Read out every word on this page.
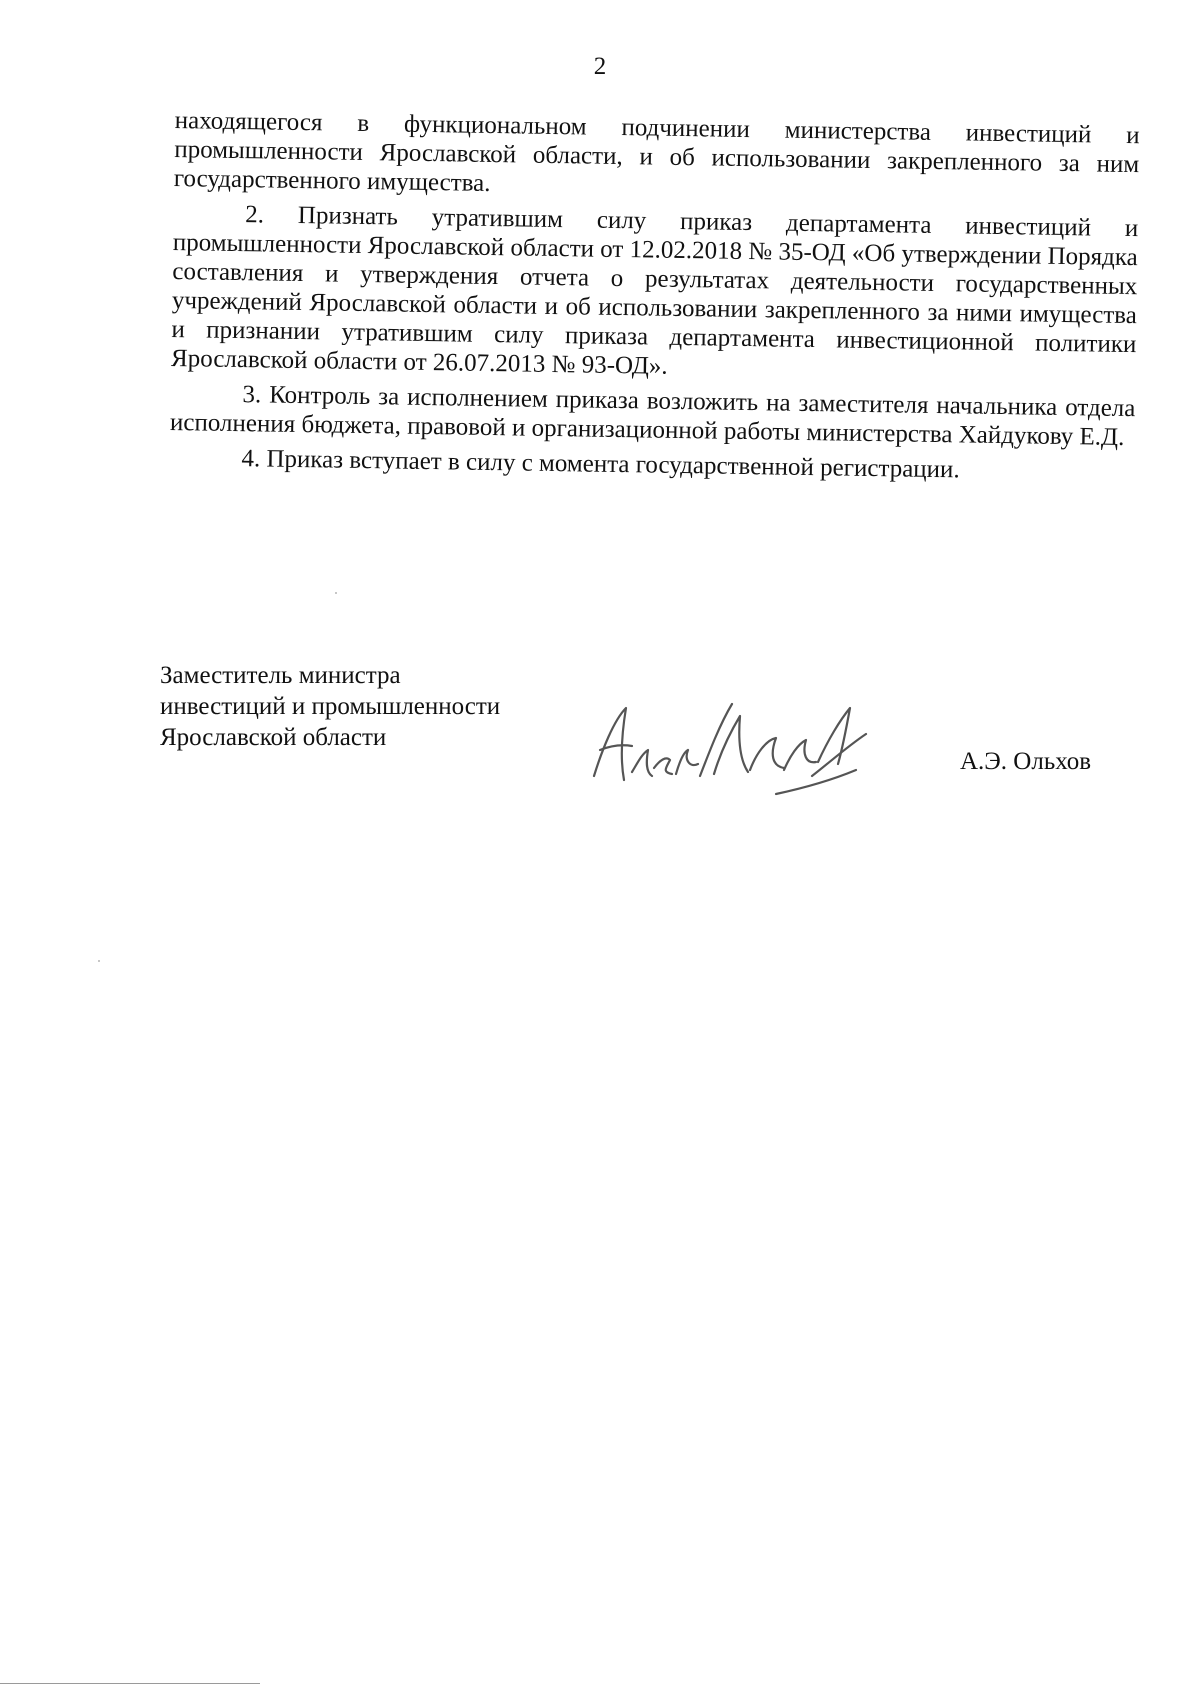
2

находящегося в функциональном подчинении министерства инвестиций и промышленности Ярославской области, и об использовании закрепленного за ним государственного имущества.

2. Признать утратившим силу приказ департамента инвестиций и промышленности Ярославской области от 12.02.2018 № 35-ОД «Об утверждении Порядка составления и утверждения отчета о результатах деятельности государственных учреждений Ярославской области и об использовании закрепленного за ними имущества и признании утратившим силу приказа департамента инвестиционной политики Ярославской области от 26.07.2013 № 93-ОД».

3. Контроль за исполнением приказа возложить на заместителя начальника отдела исполнения бюджета, правовой и организационной работы министерства Хайдукову Е.Д.

4. Приказ вступает в силу с момента государственной регистрации.

Заместитель министра
инвестиций и промышленности
Ярославской области
А.Э. Ольхов
